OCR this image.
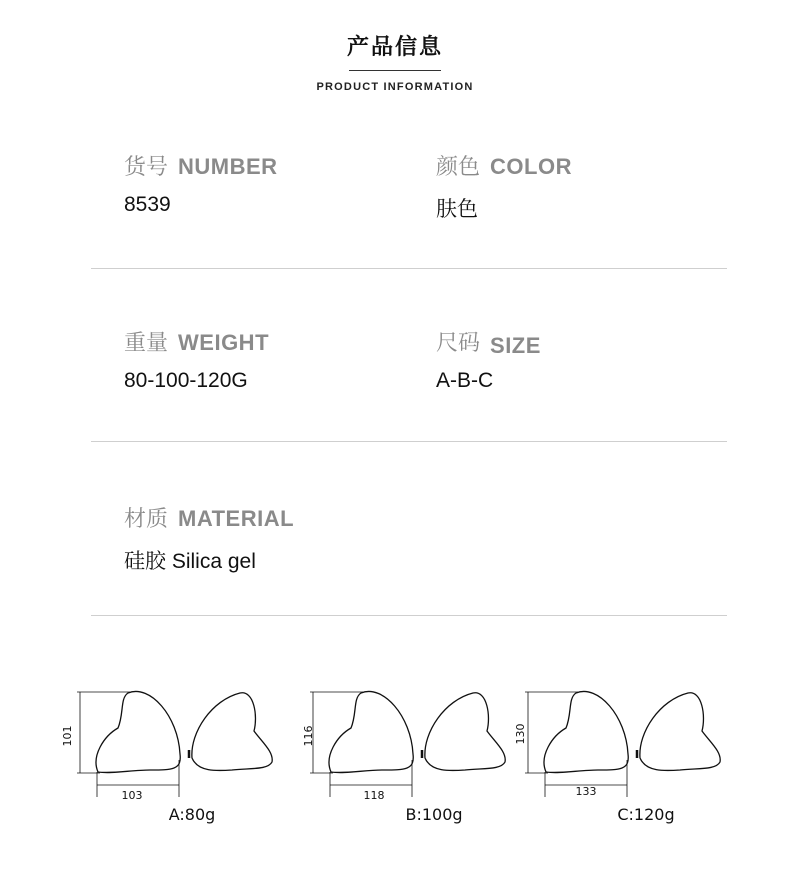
产品信息
PRODUCT INFORMATION
货号 NUMBER
8539
颜色 COLOR
肤色
重量 WEIGHT
80-100-120G
尺码 SIZE
A-B-C
材质 MATERIAL
硅胶 Silica gel
101
103
116
118
130
133
A:80g	B:100g	C:120g
